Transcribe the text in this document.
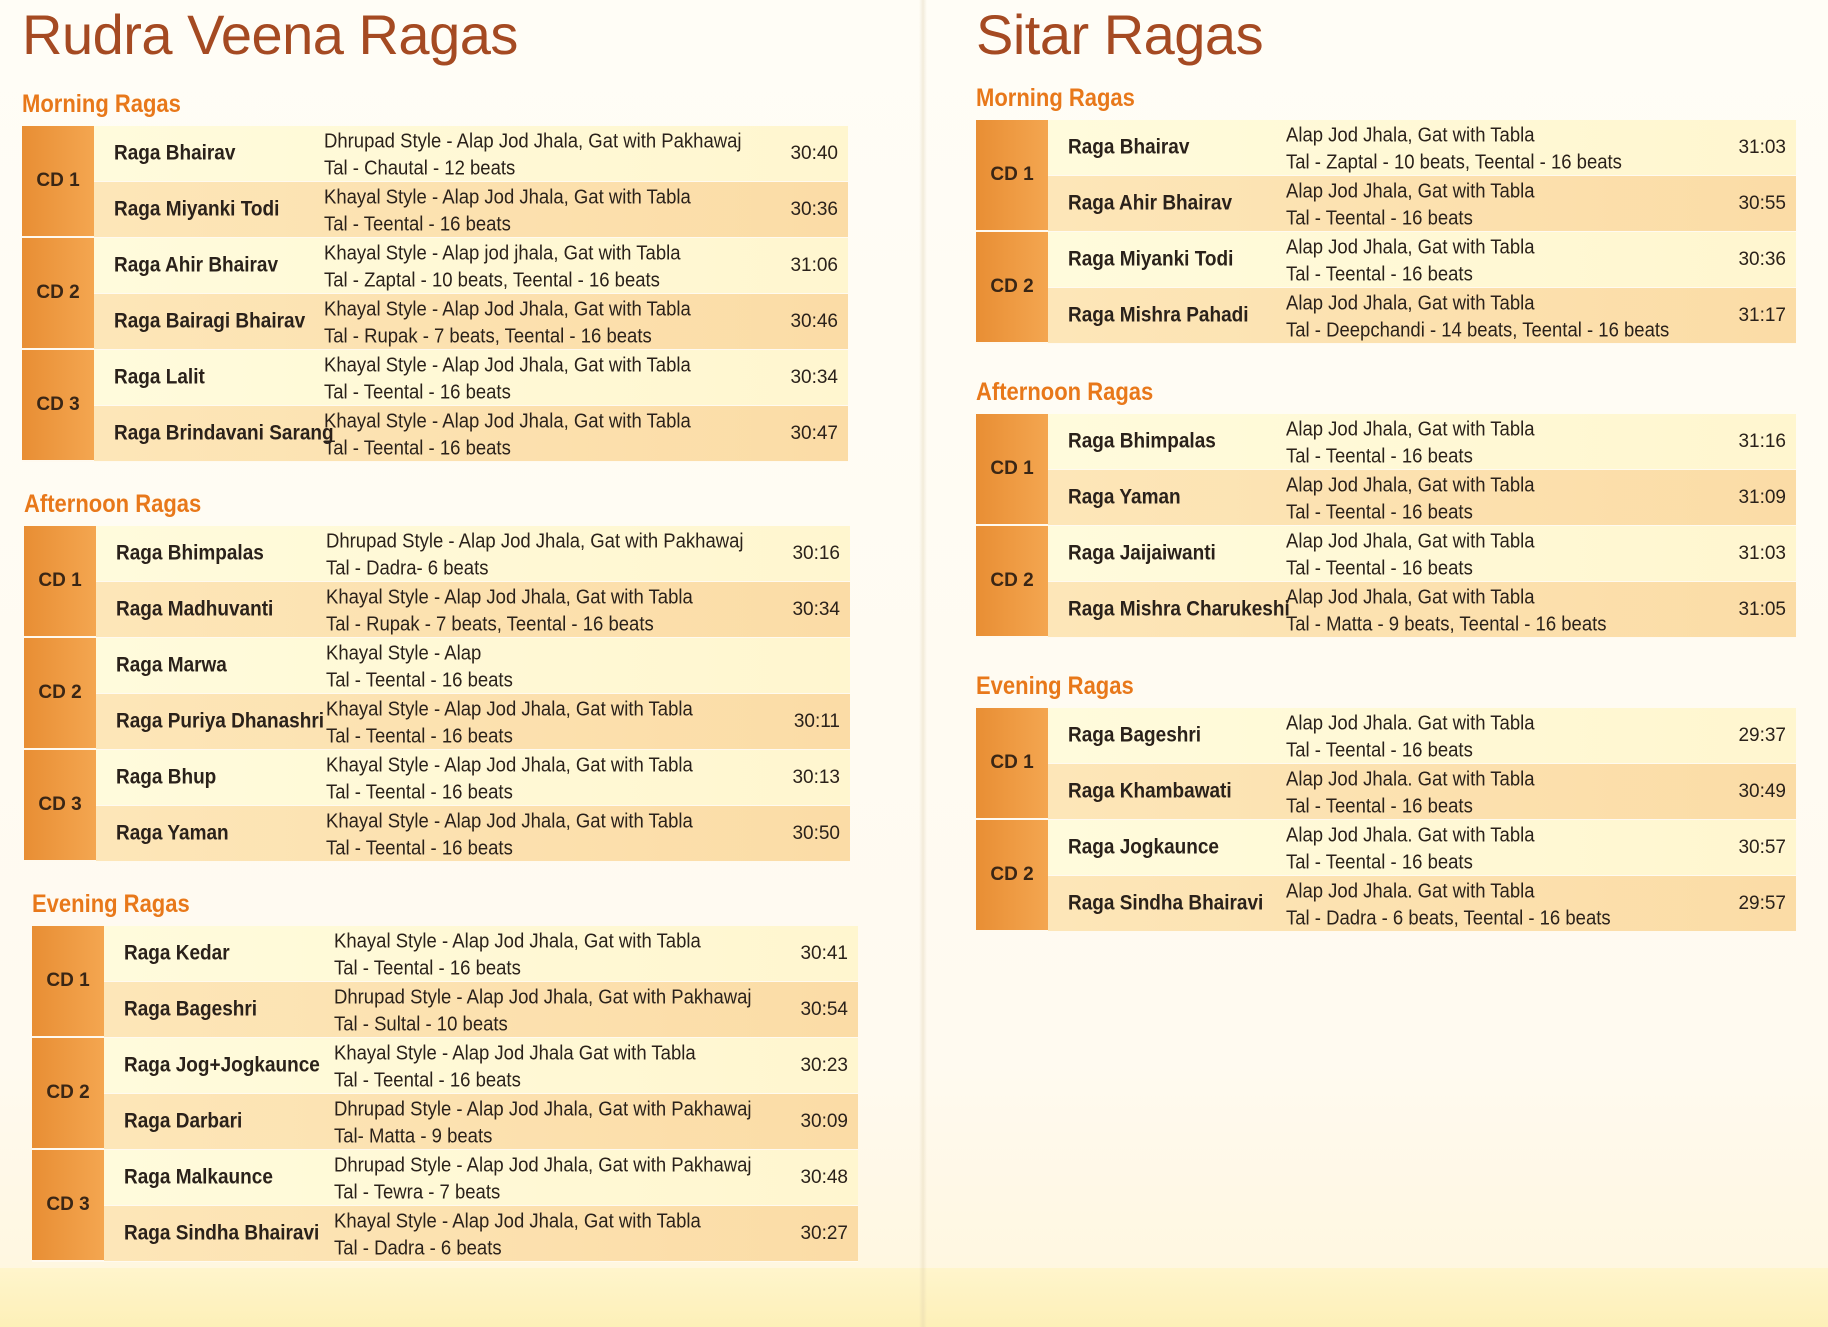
Rudra Veena Ragas
Morning Ragas
CD 1
Raga Bhairav
Dhrupad Style - Alap Jod Jhala, Gat with Pakhawaj
Tal - Chautal - 12 beats
30:40
Raga Miyanki Todi
Khayal Style - Alap Jod Jhala, Gat with Tabla
Tal - Teental - 16 beats
30:36
CD 2
Raga Ahir Bhairav
Khayal Style - Alap jod jhala, Gat with Tabla
Tal - Zaptal - 10 beats, Teental - 16 beats
31:06
Raga Bairagi Bhairav
Khayal Style - Alap Jod Jhala, Gat with Tabla
Tal - Rupak - 7 beats, Teental - 16 beats
30:46
CD 3
Raga Lalit
Khayal Style - Alap Jod Jhala, Gat with Tabla
Tal - Teental - 16 beats
30:34
Raga Brindavani Sarang
Khayal Style - Alap Jod Jhala, Gat with Tabla
Tal - Teental - 16 beats
30:47
Afternoon Ragas
CD 1
Raga Bhimpalas
Dhrupad Style - Alap Jod Jhala, Gat with Pakhawaj
Tal - Dadra- 6 beats
30:16
Raga Madhuvanti
Khayal Style - Alap Jod Jhala, Gat with Tabla
Tal - Rupak - 7 beats, Teental - 16 beats
30:34
CD 2
Raga Marwa
Khayal Style - Alap
Tal - Teental - 16 beats
Raga Puriya Dhanashri
Khayal Style - Alap Jod Jhala, Gat with Tabla
Tal - Teental - 16 beats
30:11
CD 3
Raga Bhup
Khayal Style - Alap Jod Jhala, Gat with Tabla
Tal - Teental - 16 beats
30:13
Raga Yaman
Khayal Style - Alap Jod Jhala, Gat with Tabla
Tal - Teental - 16 beats
30:50
Evening Ragas
CD 1
Raga Kedar
Khayal Style - Alap Jod Jhala, Gat with Tabla
Tal - Teental - 16 beats
30:41
Raga Bageshri
Dhrupad Style - Alap Jod Jhala, Gat with Pakhawaj
Tal - Sultal - 10 beats
30:54
CD 2
Raga Jog+Jogkaunce
Khayal Style - Alap Jod Jhala Gat with Tabla
Tal - Teental - 16 beats
30:23
Raga Darbari
Dhrupad Style - Alap Jod Jhala, Gat with Pakhawaj
Tal- Matta - 9 beats
30:09
CD 3
Raga Malkaunce
Dhrupad Style - Alap Jod Jhala, Gat with Pakhawaj
Tal - Tewra - 7 beats
30:48
Raga Sindha Bhairavi
Khayal Style - Alap Jod Jhala, Gat with Tabla
Tal - Dadra - 6 beats
30:27
Sitar Ragas
Morning Ragas
CD 1
Raga Bhairav
Alap Jod Jhala, Gat with Tabla
Tal - Zaptal - 10 beats, Teental - 16 beats
31:03
Raga Ahir Bhairav
Alap Jod Jhala, Gat with Tabla
Tal - Teental - 16 beats
30:55
CD 2
Raga Miyanki Todi
Alap Jod Jhala, Gat with Tabla
Tal - Teental - 16 beats
30:36
Raga Mishra Pahadi
Alap Jod Jhala, Gat with Tabla
Tal - Deepchandi - 14 beats, Teental - 16 beats
31:17
Afternoon Ragas
CD 1
Raga Bhimpalas
Alap Jod Jhala, Gat with Tabla
Tal - Teental - 16 beats
31:16
Raga Yaman
Alap Jod Jhala, Gat with Tabla
Tal - Teental - 16 beats
31:09
CD 2
Raga Jaijaiwanti
Alap Jod Jhala, Gat with Tabla
Tal - Teental - 16 beats
31:03
Raga Mishra Charukeshi
Alap Jod Jhala, Gat with Tabla
Tal - Matta - 9 beats, Teental - 16 beats
31:05
Evening Ragas
CD 1
Raga Bageshri
Alap Jod Jhala. Gat with Tabla
Tal - Teental - 16 beats
29:37
Raga Khambawati
Alap Jod Jhala. Gat with Tabla
Tal - Teental - 16 beats
30:49
CD 2
Raga Jogkaunce
Alap Jod Jhala. Gat with Tabla
Tal - Teental - 16 beats
30:57
Raga Sindha Bhairavi
Alap Jod Jhala. Gat with Tabla
Tal - Dadra - 6 beats, Teental - 16 beats
29:57
